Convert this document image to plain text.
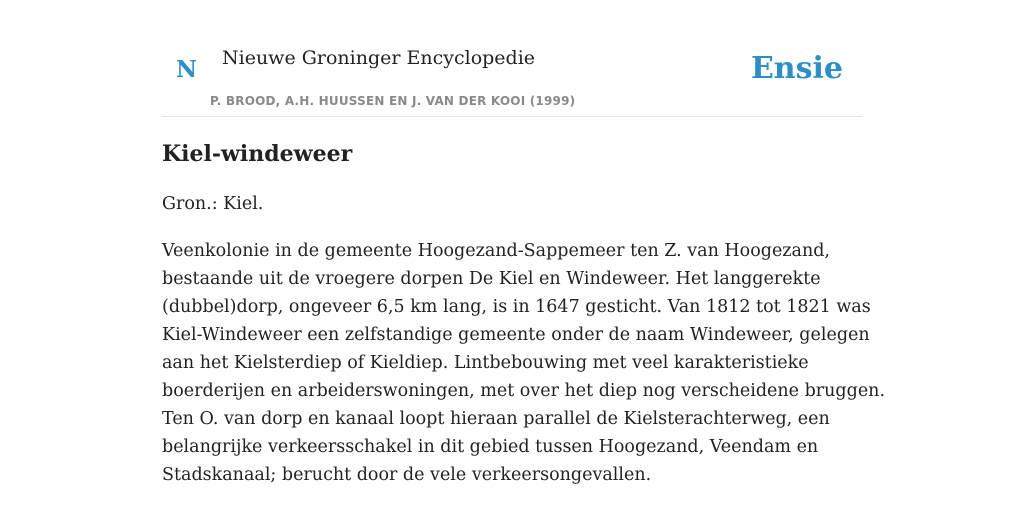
N Nieuwe Groninger Encyclopedie
P. BROOD, A.H. HUUSSEN EN J. VAN DER KOOI (1999)
Ensie
Kiel-windeweer
Gron.: Kiel.
Veenkolonie in de gemeente Hoogezand-Sappemeer ten Z. van Hoogezand,
bestaande uit de vroegere dorpen De Kiel en Windeweer. Het langgerekte
(dubbel)dorp, ongeveer 6,5 km lang, is in 1647 gesticht. Van 1812 tot 1821 was
Kiel-Windeweer een zelfstandige gemeente onder de naam Windeweer, gelegen
aan het Kielsterdiep of Kieldiep. Lintbebouwing met veel karakteristieke
boerderijen en arbeiderswoningen, met over het diep nog verscheidene bruggen.
Ten O. van dorp en kanaal loopt hieraan parallel de Kielsterachterweg, een
belangrijke verkeersschakel in dit gebied tussen Hoogezand, Veendam en
Stadskanaal; berucht door de vele verkeersongevallen.
